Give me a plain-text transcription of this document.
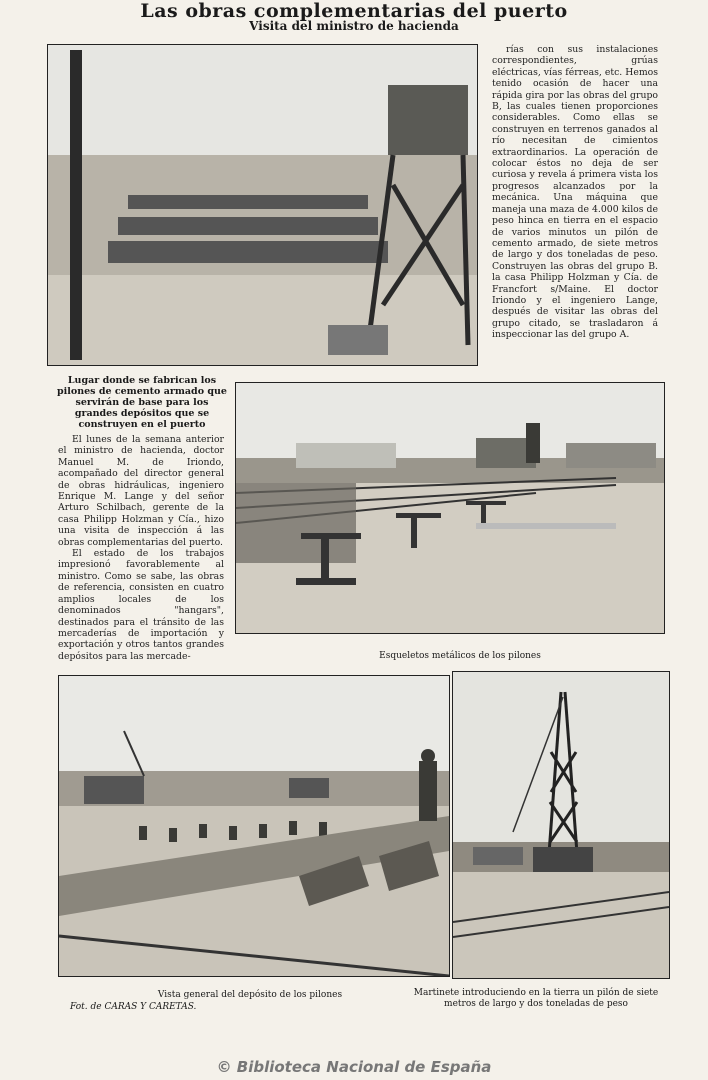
Las obras complementarias del puerto
Visita del ministro de hacienda

rías con sus instalaciones correspondientes, grúas eléctricas, vías férreas, etc. Hemos tenido ocasión de hacer una rápida gira por las obras del grupo B, las cuales tienen proporciones considerables. Como ellas se construyen en terrenos ganados al río necesitan de cimientos extraordinarios. La operación de colocar éstos no deja de ser curiosa y revela á primera vista los progresos alcanzados por la mecánica. Una máquina que maneja una maza de 4.000 kilos de peso hinca en tierra en el espacio de varios minutos un pilón de cemento armado, de siete metros de largo y dos toneladas de peso. Construyen las obras del grupo B. la casa Philipp Holzman y Cía. de Francfort s/Maine. El doctor Iriondo y el ingeniero Lange, después de visitar las obras del grupo citado, se trasladaron á inspeccionar las del grupo A.

Lugar donde se fabrican los pilones de cemento armado que servirán de base para los grandes depósitos que se construyen en el puerto

El lunes de la semana anterior el ministro de hacienda, doctor Manuel M. de Iriondo, acompañado del director general de obras hidráulicas, ingeniero Enrique M. Lange y del señor Arturo Schilbach, gerente de la casa Philipp Holzman y Cía., hizo una visita de inspección á las obras complementarias del puerto.

El estado de los trabajos impresionó favorablemente al ministro. Como se sabe, las obras de referencia, consisten en cuatro amplios locales de los denominados "hangars", destinados para el tránsito de las mercaderías de importación y exportación y otros tantos grandes depósitos para las mercade-	Esqueletos metálicos de los pilones
Vista general del depósito de los pilones
Fot. de CARAS Y CARETAS.
Martinete introduciendo en la tierra un pilón de siete metros de largo y dos toneladas de peso
© Biblioteca Nacional de España
